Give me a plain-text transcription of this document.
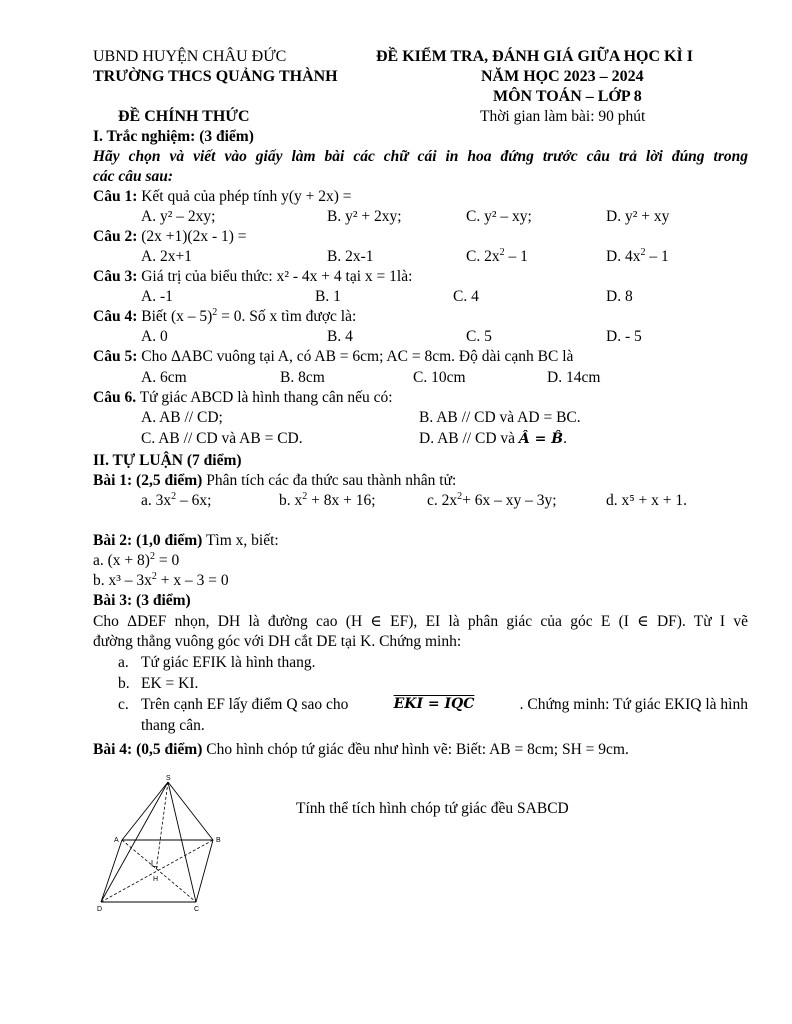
UBND HUYỆN CHÂU ĐỨC
TRƯỜNG THCS QUẢNG THÀNH
ĐỀ CHÍNH THỨC
ĐỀ KIỂM TRA, ĐÁNH GIÁ GIỮA HỌC KÌ I
NĂM HỌC 2023 – 2024
MÔN TOÁN – LỚP 8
Thời gian làm bài: 90 phút
I. Trắc nghiệm: (3 điểm)
Hãy chọn và viết vào giấy làm bài các chữ cái in hoa đứng trước câu trả lời đúng trong
các câu sau:
Câu 1: Kết quả của phép tính y(y + 2x) =
A. y² – 2xy;	B. y² + 2xy;	C. y² – xy;	D. y² + xy
Câu 2: (2x +1)(2x - 1) =
A. 2x+1	B. 2x-1	C. $2x^2 - 1$	D. $4x^2 - 1$
Câu 3: Giá trị của biểu thức: x² - 4x + 4 tại x = 1là:
A. -1	B. 1	C. 4	D. 8
Câu 4: Biết (x – 5)$^2$ = 0. Số x tìm được là:
A. 0	B. 4	C. 5	D. - 5
Câu 5: Cho ΔABC vuông tại A, có AB = 6cm; AC = 8cm. Độ dài cạnh BC là
A. 6cm	B. 8cm	C. 10cm	D. 14cm
Câu 6. Tứ giác ABCD là hình thang cân nếu có:
A. AB // CD;	B. AB // CD và AD = BC.
C. AB // CD và AB = CD.	D. AB // CD và Â = B̂.
II. TỰ LUẬN (7 điểm)
Bài 1: (2,5 điểm) Phân tích các đa thức sau thành nhân tử:
a. $3x^2 - 6x$;	b. $x^2 + 8x + 16$;	c. $2x^2+ 6x$ – xy – 3y;	d. x⁵ + x + 1.
Bài 2: (1,0 điểm) Tìm x, biết:
a. $(x + 8)^2 = 0$
b. $x^3 - 3x^2 + x - 3 = 0$
Bài 3: (3 điểm)
Cho ΔDEF nhọn, DH là đường cao (H ∈ EF), EI là phân giác của góc E (I ∈ DF). Từ I vẽ
đường thẳng vuông góc với DH cắt DE tại K. Chứng minh:
a. Tứ giác EFIK là hình thang.
b. EK = KI.
c. Trên cạnh EF lấy điểm Q sao cho	EKI = IQC	. Chứng minh: Tứ giác EKIQ là hình
thang cân.
Bài 4: (0,5 điểm) Cho hình chóp tứ giác đều như hình vẽ: Biết: AB = 8cm; SH = 9cm.
Tính thể tích hình chóp tứ giác đều SABCD
S
A	B
C
D
H
